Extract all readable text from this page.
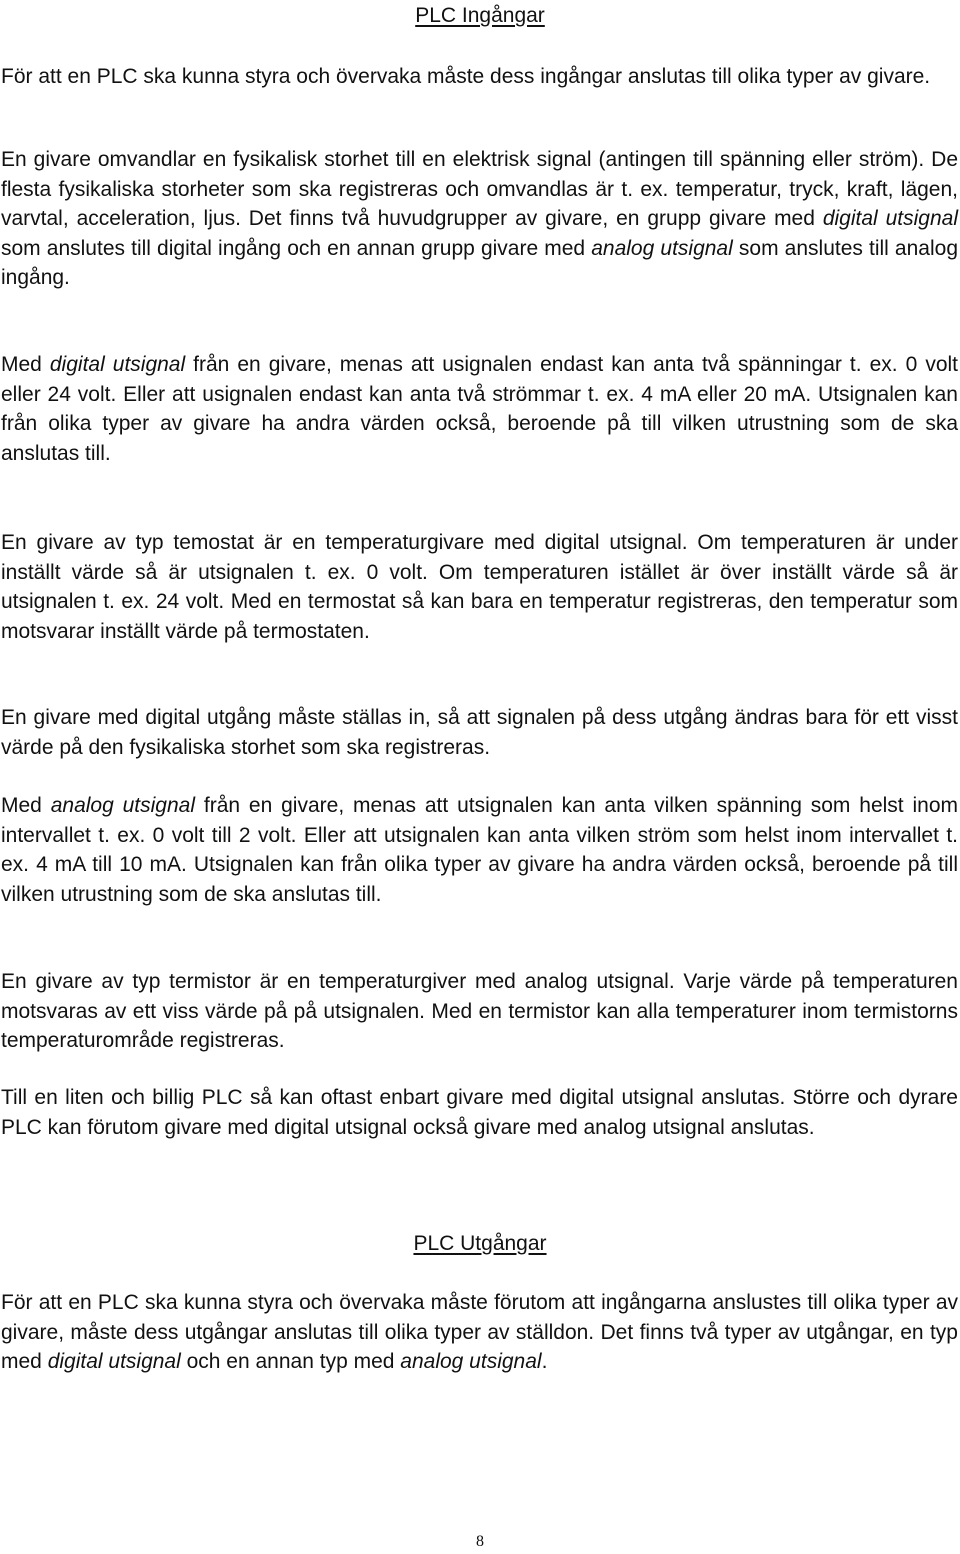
PLC Ingångar

För att en PLC ska kunna styra och övervaka måste dess ingångar anslutas till olika typer av givare.

En givare omvandlar en fysikalisk storhet till en elektrisk signal (antingen till spänning eller ström). De flesta fysikaliska storheter som ska registreras och omvandlas är t. ex. temperatur, tryck, kraft, lägen, varvtal, acceleration, ljus. Det finns två huvudgrupper av givare, en grupp givare med digital utsignal som anslutes till digital ingång och en annan grupp givare med analog utsignal som anslutes till analog ingång.

Med digital utsignal från en givare, menas att usignalen endast kan anta två spänningar t. ex. 0 volt eller 24 volt. Eller att usignalen endast kan anta två strömmar t. ex. 4 mA eller 20 mA. Utsignalen kan från olika typer av givare ha andra värden också, beroende på till vilken utrustning som de ska anslutas till.

En givare av typ temostat är en temperaturgivare med digital utsignal. Om temperaturen är under inställt värde så är utsignalen t. ex. 0 volt. Om temperaturen istället är över inställt värde så är utsignalen t. ex. 24 volt. Med en termostat så kan bara en temperatur registreras, den temperatur som motsvarar inställt värde på termostaten.

En givare med digital utgång måste ställas in, så att signalen på dess utgång ändras bara för ett visst värde på den fysikaliska storhet som ska registreras.

Med analog utsignal från en givare, menas att utsignalen kan anta vilken spänning som helst inom intervallet t. ex. 0 volt till 2 volt. Eller att utsignalen kan anta vilken ström som helst inom intervallet t. ex. 4 mA till 10 mA. Utsignalen kan från olika typer av givare ha andra värden också, beroende på till vilken utrustning som de ska anslutas till.

En givare av typ termistor är en temperaturgiver med analog utsignal. Varje värde på temperaturen motsvaras av ett viss värde på på utsignalen. Med en termistor kan alla temperaturer inom termistorns temperaturområde registreras.

Till en liten och billig PLC så kan oftast enbart givare med digital utsignal anslutas. Större och dyrare PLC kan förutom givare med digital utsignal också givare med analog utsignal anslutas.

PLC Utgångar

För att en PLC ska kunna styra och övervaka måste förutom att ingångarna anslustes till olika typer av givare, måste dess utgångar anslutas till olika typer av ställdon. Det finns två typer av utgångar, en typ med digital utsignal och en annan typ med analog utsignal.

8
